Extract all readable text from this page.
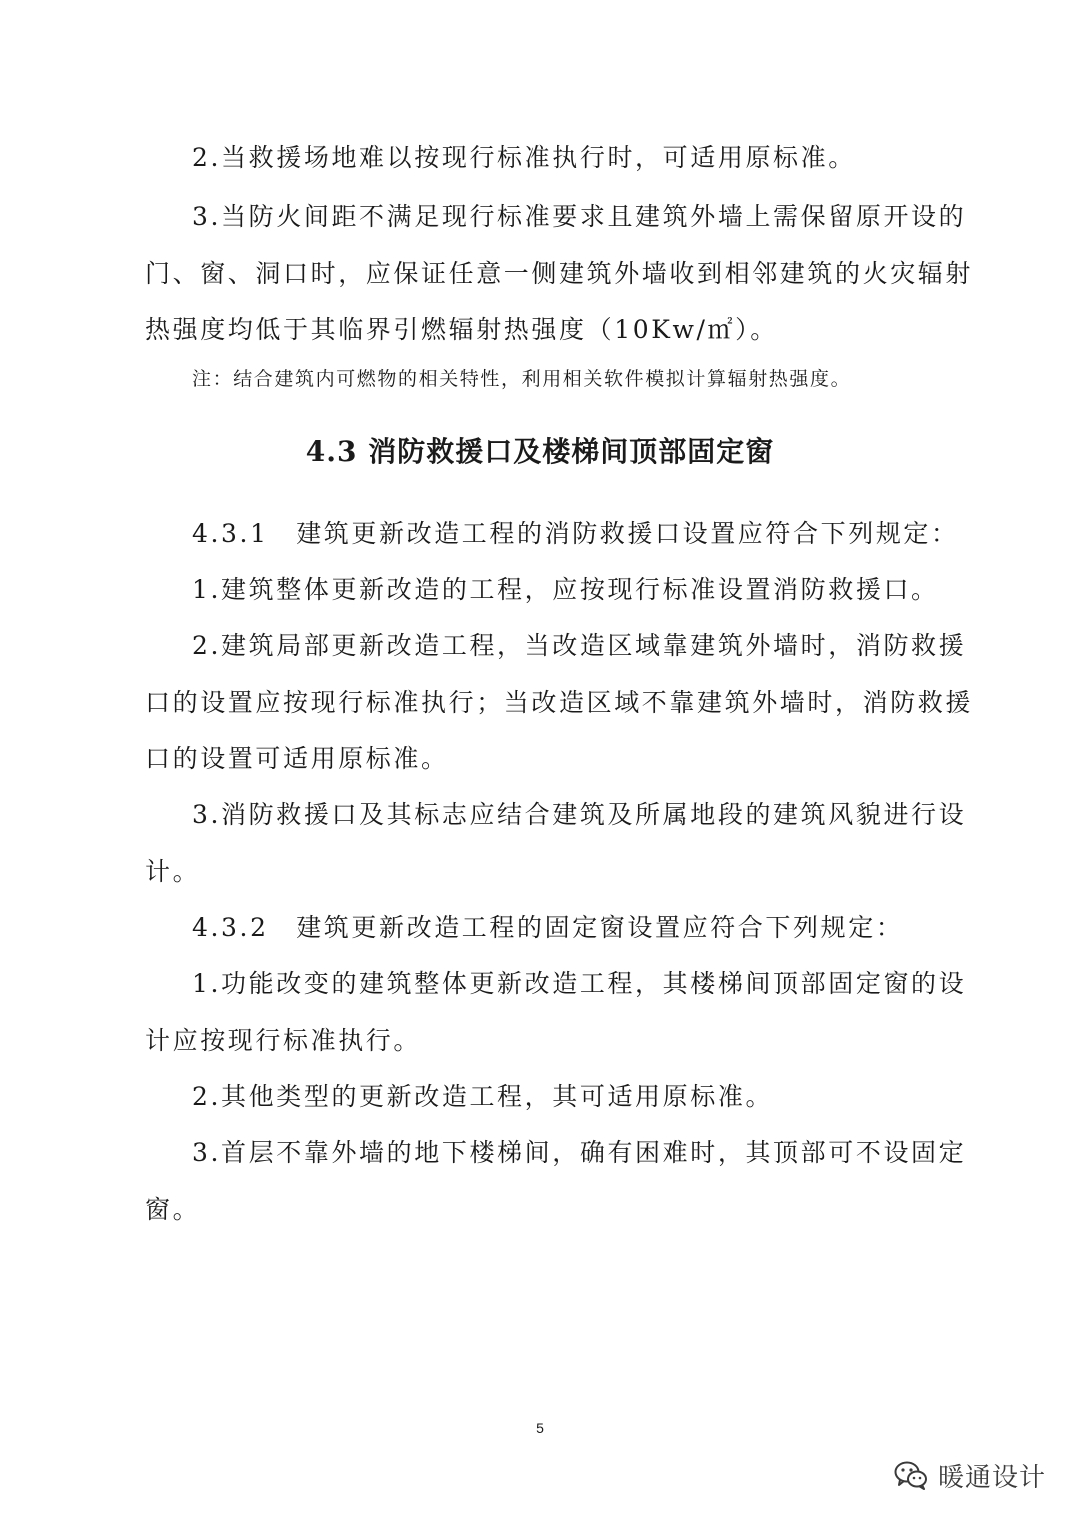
2.当救援场地难以按现行标准执行时，可适用原标准。
3.当防火间距不满足现行标准要求且建筑外墙上需保留原开设的
门、窗、洞口时，应保证任意一侧建筑外墙收到相邻建筑的火灾辐射
热强度均低于其临界引燃辐射热强度（10Kw/㎡）。
注：结合建筑内可燃物的相关特性，利用相关软件模拟计算辐射热强度。
4.3 消防救援口及楼梯间顶部固定窗
4.3.1　建筑更新改造工程的消防救援口设置应符合下列规定：
1.建筑整体更新改造的工程，应按现行标准设置消防救援口。
2.建筑局部更新改造工程，当改造区域靠建筑外墙时，消防救援
口的设置应按现行标准执行；当改造区域不靠建筑外墙时，消防救援
口的设置可适用原标准。
3.消防救援口及其标志应结合建筑及所属地段的建筑风貌进行设
计。
4.3.2　建筑更新改造工程的固定窗设置应符合下列规定：
1.功能改变的建筑整体更新改造工程，其楼梯间顶部固定窗的设
计应按现行标准执行。
2.其他类型的更新改造工程，其可适用原标准。
3.首层不靠外墙的地下楼梯间，确有困难时，其顶部可不设固定
窗。
5
暖通设计
